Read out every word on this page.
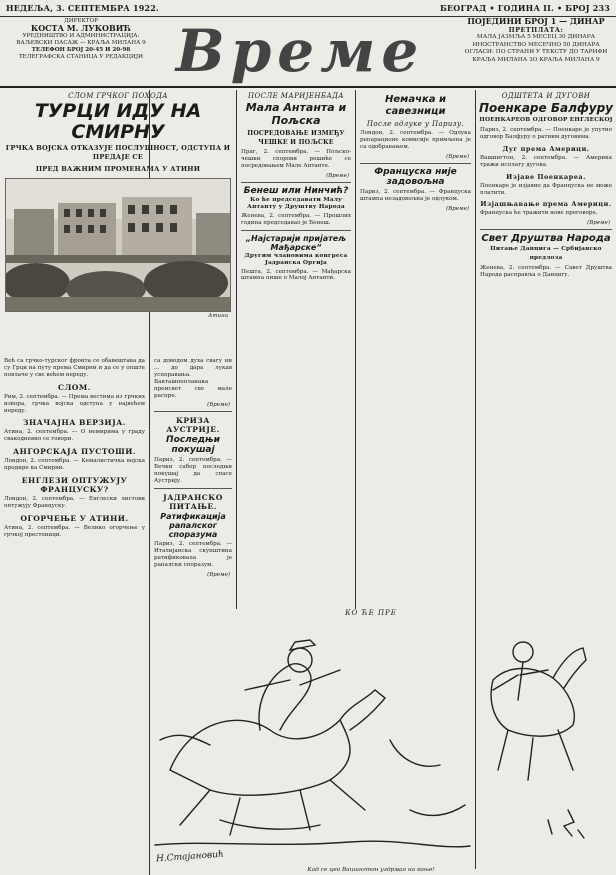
НЕДЕЉА, 3. СЕПТЕМБРА 1922.	БЕОГРАД • ГОДИНА II. • БРОЈ 233
ДИРЕКТОР
КОСТА М. ЛУКОВИЋ
УРЕДНИШТВО И АДМИНИСТРАЦИЈА: ВАЉЕВСКИ ПАСАЖ — КРАЉА МИЛАНА 9
ТЕЛЕФОН БРОЈ 20-45 И 20-98
ТЕЛЕГРАФСКА СТАНИЦА У РЕДАКЦИЈИ Време	ПОЈЕДИНИ БРОЈ 1 — ДИНАР
ПРЕТПЛАТА:
МАЛА ЈАЗМЉА 5 МЕСЕЦ 30 ДИНАРА
ИНОСТРАНСТВО МЕСЕЧНО 50 ДИНАРА
ОГЛАСИ: ПО СТРАНИ У ТЕКСТУ ДО ТАРИФИ
КРАЉА МИЛАНА ЗО КРАЉА МИЛАНА 9
СЛОМ ГРЧКОГ ПОХОДА
ТУРЦИ ИДУ НА СМИРНУ
ГРЧКА ВОЈСКА ОТКАЗУЈЕ ПОСЛУШНОСТ, ОДСТУПА И ПРЕДАЈЕ СЕ
ПРЕД ВАЖНИМ ПРОМЕНАМА У АТИНИ
Атина
Већ са грчко-турског фронта се обавештава да су Грци на путу према Смирни и да се у опште повлаче у све већем нереду.
СЛОМ.
Рим, 2. септембра. — Према вестима из грчких извора, грчка војска одступа у највећем нереду.
ЗНАЧАЈНА ВЕРЗИЈА.
Атина, 2. септембра. — О немирима у граду свакодневно се говори.
АНГОРСКАЈА ПУСТОШИ.
Лондон, 2. септембра. — Кемалистичка војска продире ка Смирни.
ЕНГЛЕЗИ ОПТУЖУЈУ ФРАНЦУСКУ?
Лондон, 2. септембра. — Енглески листови оптужују Француску.
ОГОРЧЕЊЕ У АТИНИ.
Атина, 2. септембра. — Велико огорчење у грчкој престоници.
са доводом духа свагу ни ... до дара лукав успоравања. Бакташпопланака преисвет све мале распре.
(Време)
КРИЗА АУСТРИЈЕ.
Последњи покушај
Париз, 2. септембра. — Бечки сабор последњи покушај да спасе Аустрију.
ЈАДРАНСКО ПИТАЊЕ.
Ратификација рапалског споразума
Париз, 2. септембра. — Италијанска скупштина ратификовала је рапалски споразум.
(Време)
ПОСЛЕ МАРИЈЕНБАДА
Мала Антанта и Пољска
ПОСРЕДОВАЊЕ ИЗМЕЂУ ЧЕШКЕ И ПОЉСКЕ
Праг, 2. септембра. — Пољско-чешки спорови решиће се посредовањем Мале Антанте.
(Време)
Бенеш или Нинчић?
Ко ће председавати Малу Антанту у Друштву Народа
Женева, 2. септембра. — Прошлих година председавао је Бенеш.
„Најстарији пријатељ Мађарске“
Другим члановима конгреса Јадранска Оргија
Пешта, 2. септембра. — Мађарска штампа пише о Малој Антанти.
Немачка и савезници
После одлуке у Паризу.
Лондон, 2. септембра. — Одлука репарационе комисије примљена је са одобравањем.
(Време)
Француска није задовољна
Париз, 2. септембра. — Француска штампа незадовољна је одлуком.
(Време)
ОДШТЕТА И ДУГОВИ
Поенкаре Балфуру
ПОЕНКАРЕОВ ОДГОВОР ЕНГЛЕСКОЈ
Париз, 2. септембра. — Поенкаре је упутио одговор Балфуру о ратним дуговима.
Дуг према Америци.
Вашингтон, 2. септембра. — Америка тражи исплату дугова.
Изјаве Поенкареа.
Поенкаре је изјавио да Француска не може платити.
Изјашњавање према Америци.
Француска ће тражити нове преговоре.
(Време)
Свет Друштва Народа
Питање Данцига — Србијанско предлоза
Женева, 2. септембра. — Савет Друштва Народа расправља о Данцигу.
КО ЋЕ ПРЕ
Н.Стајановић
Кад се цео Вашингтон уздрмао на коње!
